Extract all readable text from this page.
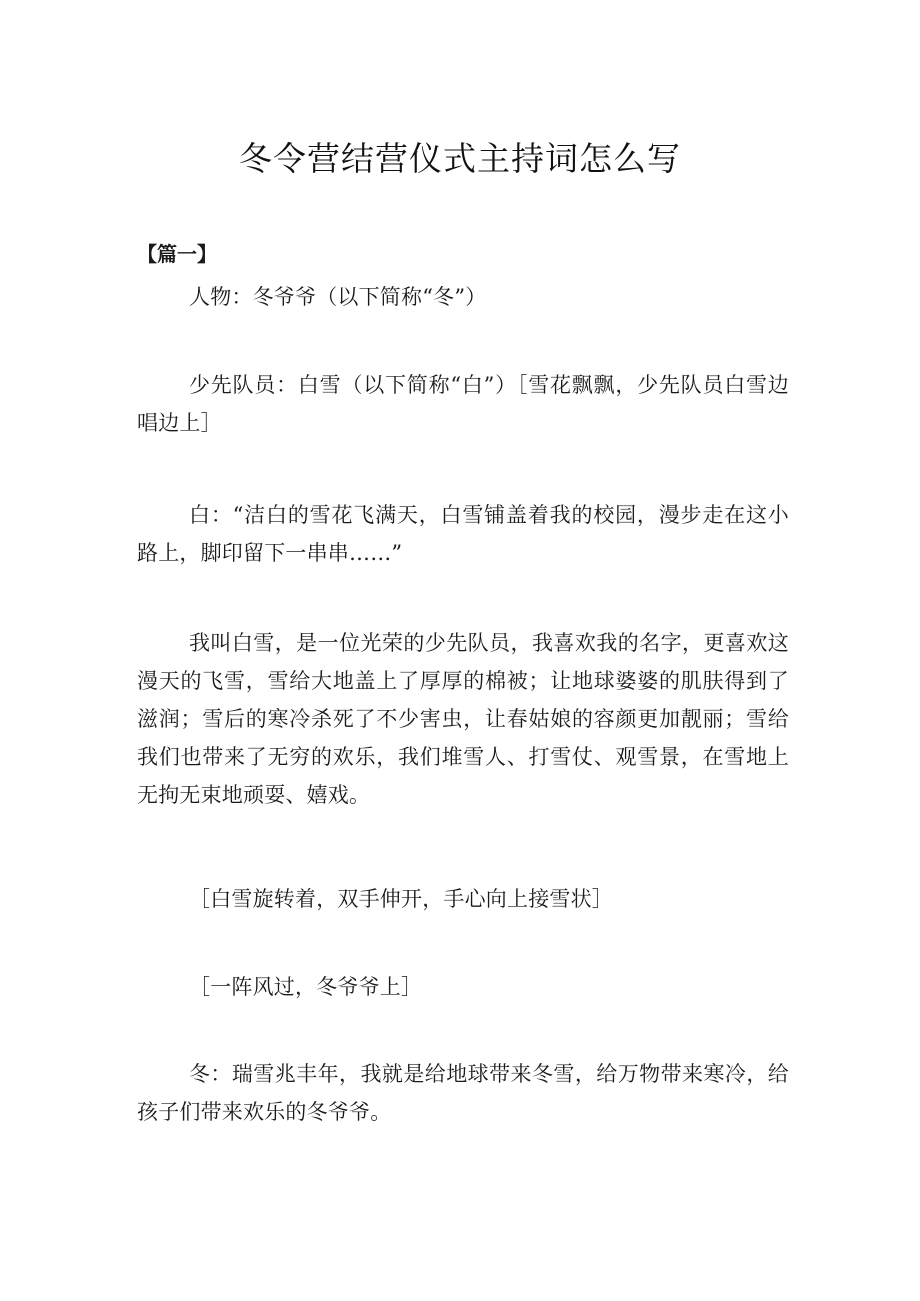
冬令营结营仪式主持词怎么写

【篇一】

人物：冬爷爷（以下简称“冬”）

少先队员：白雪（以下简称“白”）［雪花飘飘，少先队员白雪边唱边上］

白：“洁白的雪花飞满天，白雪铺盖着我的校园，漫步走在这小路上，脚印留下一串串……”

我叫白雪，是一位光荣的少先队员，我喜欢我的名字，更喜欢这漫天的飞雪，雪给大地盖上了厚厚的棉被；让地球婆婆的肌肤得到了滋润；雪后的寒冷杀死了不少害虫，让春姑娘的容颜更加靓丽；雪给我们也带来了无穷的欢乐，我们堆雪人、打雪仗、观雪景，在雪地上无拘无束地顽耍、嬉戏。

［白雪旋转着，双手伸开，手心向上接雪状］

［一阵风过，冬爷爷上］

冬：瑞雪兆丰年，我就是给地球带来冬雪，给万物带来寒冷，给孩子们带来欢乐的冬爷爷。
